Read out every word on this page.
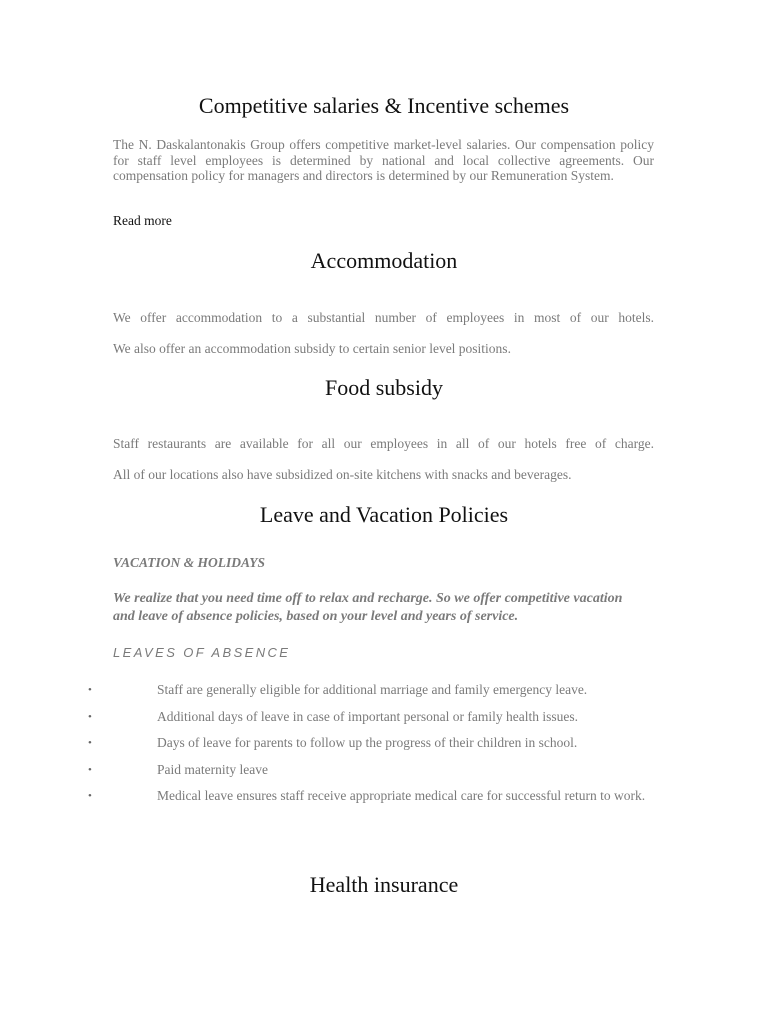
Competitive salaries & Incentive schemes

The N. Daskalantonakis Group offers competitive market-level salaries. Our compensation policy for staff level employees is determined by national and local collective agreements. Our compensation policy for managers and directors is determined by our Remuneration System.

Read more
Accommodation

We offer accommodation to a substantial number of employees in most of our hotels.

We also offer an accommodation subsidy to certain senior level positions.

Food subsidy

Staff restaurants are available for all our employees in all of our hotels free of charge.

All of our locations also have subsidized on-site kitchens with snacks and beverages.

Leave and Vacation Policies

VACATION & HOLIDAYS

We realize that you need time off to relax and recharge. So we offer competitive vacation and leave of absence policies, based on your level and years of service.

LEAVES OF ABSENCE

•	Staff are generally eligible for additional marriage and family emergency leave.
•	Additional days of leave in case of important personal or family health issues.
•	Days of leave for parents to follow up the progress of their children in school.
•	Paid maternity leave
•	Medical leave ensures staff receive appropriate medical care for successful return to work.
Health insurance
